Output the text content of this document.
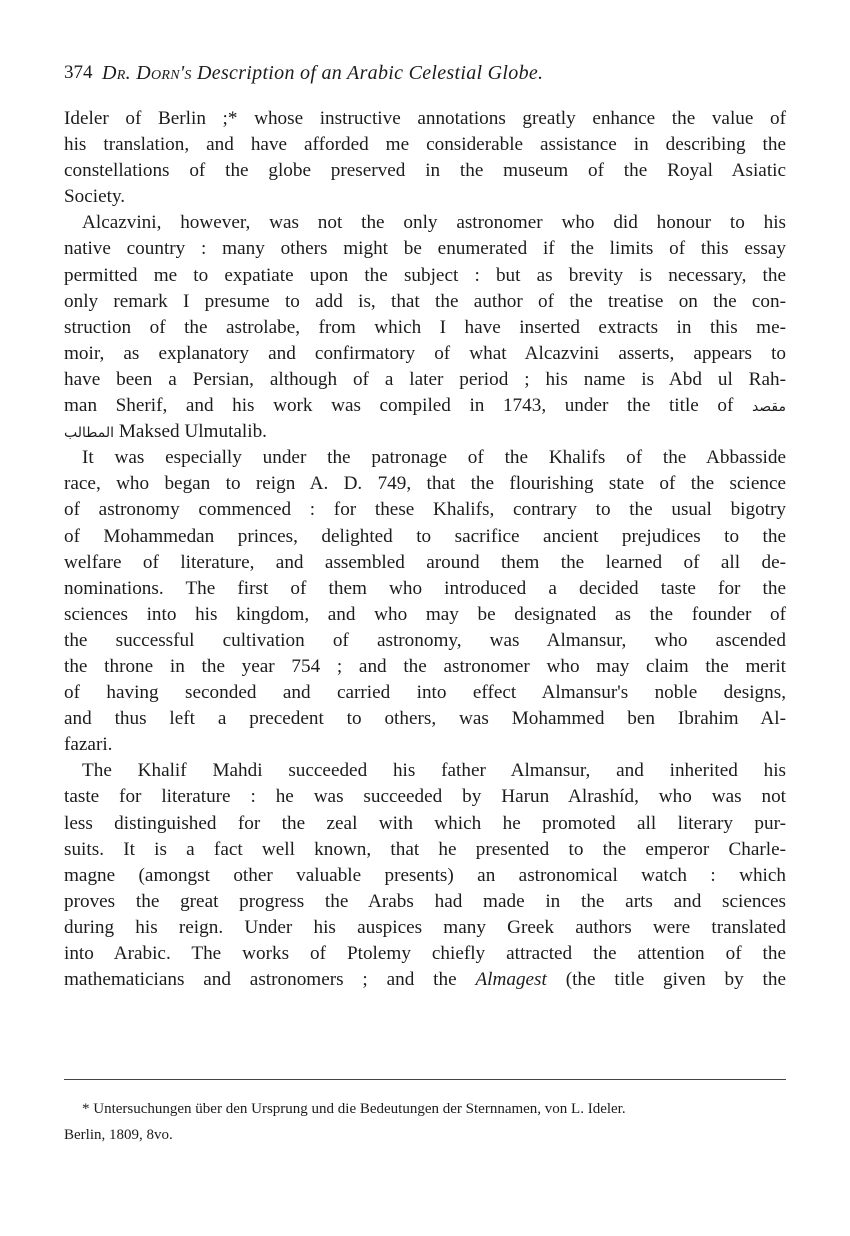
374 Dr. Dorn's Description of an Arabic Celestial Globe.
Ideler of Berlin ;* whose instructive annotations greatly enhance the value of
his translation, and have afforded me considerable assistance in describing the
constellations of the globe preserved in the museum of the Royal Asiatic
Society.
Alcazvini, however, was not the only astronomer who did honour to his
native country : many others might be enumerated if the limits of this essay
permitted me to expatiate upon the subject : but as brevity is necessary, the
only remark I presume to add is, that the author of the treatise on the con-
struction of the astrolabe, from which I have inserted extracts in this me-
moir, as explanatory and confirmatory of what Alcazvini asserts, appears to
have been a Persian, although of a later period ; his name is Abd ul Rah-
man Sherif, and his work was compiled in 1743, under the title of مقصد
المطالب Maksed Ulmutalib.
It was especially under the patronage of the Khalifs of the Abbasside
race, who began to reign A. D. 749, that the flourishing state of the science
of astronomy commenced : for these Khalifs, contrary to the usual bigotry
of Mohammedan princes, delighted to sacrifice ancient prejudices to the
welfare of literature, and assembled around them the learned of all de-
nominations. The first of them who introduced a decided taste for the
sciences into his kingdom, and who may be designated as the founder of
the successful cultivation of astronomy, was Almansur, who ascended
the throne in the year 754 ; and the astronomer who may claim the merit
of having seconded and carried into effect Almansur's noble designs,
and thus left a precedent to others, was Mohammed ben Ibrahim Al-
fazari.
The Khalif Mahdi succeeded his father Almansur, and inherited his
taste for literature : he was succeeded by Harun Alrashíd, who was not
less distinguished for the zeal with which he promoted all literary pur-
suits. It is a fact well known, that he presented to the emperor Charle-
magne (amongst other valuable presents) an astronomical watch : which
proves the great progress the Arabs had made in the arts and sciences
during his reign. Under his auspices many Greek authors were translated
into Arabic. The works of Ptolemy chiefly attracted the attention of the
mathematicians and astronomers ; and the Almagest (the title given by the
* Untersuchungen über den Ursprung und die Bedeutungen der Sternnamen, von L. Ideler.
Berlin, 1809, 8vo.
